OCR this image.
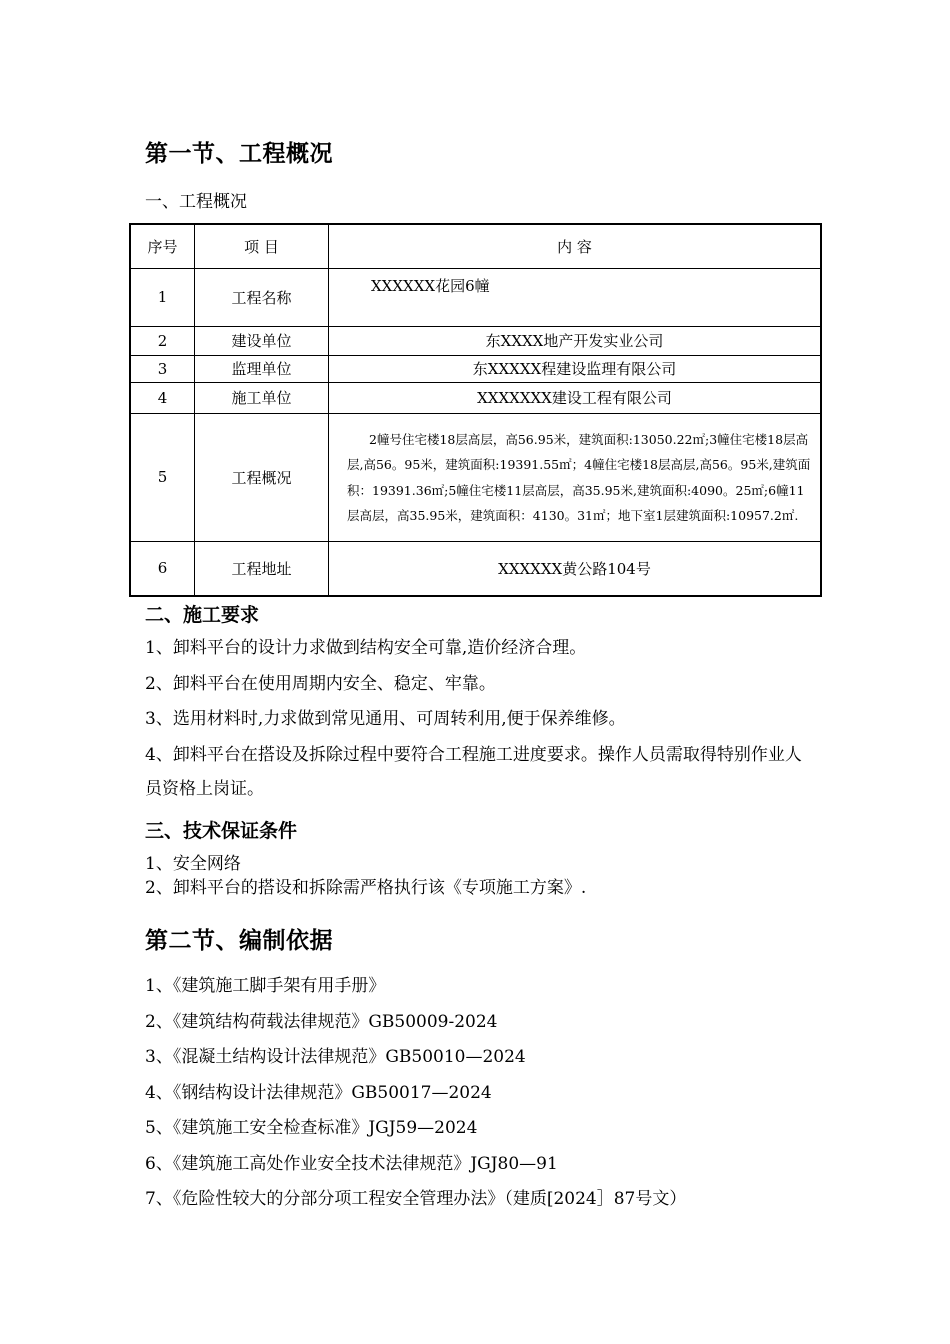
第一节、工程概况
一、工程概况
序号	项 目	内 容
1	工程名称	XXXXXX花园6幢
2	建设单位	东XXXX地产开发实业公司
3	监理单位	东XXXXX程建设监理有限公司
4	施工单位	XXXXXXX建设工程有限公司
5	工程概况	2幢号住宅楼18层高层，高56.95米，建筑面积:13050.22㎡;3幢住宅楼18层高层,高56。95米，建筑面积:19391.55㎡；4幢住宅楼18层高层,高56。95米,建筑面积：19391.36㎡;5幢住宅楼11层高层，高35.95米,建筑面积:4090。25㎡;6幢11层高层，高35.95米，建筑面积：4130。31㎡；地下室1层建筑面积:10957.2㎡.
6	工程地址	XXXXXX黄公路104号
二、施工要求
1、卸料平台的设计力求做到结构安全可靠,造价经济合理。
2、卸料平台在使用周期内安全、稳定、牢靠。
3、选用材料时,力求做到常见通用、可周转利用,便于保养维修。
4、卸料平台在搭设及拆除过程中要符合工程施工进度要求。操作人员需取得特别作业人员资格上岗证。
三、技术保证条件
1、安全网络
2、卸料平台的搭设和拆除需严格执行该《专项施工方案》.
第二节、编制依据
1、《建筑施工脚手架有用手册》
2、《建筑结构荷载法律规范》GB50009-2024
3、《混凝土结构设计法律规范》GB50010—2024
4、《钢结构设计法律规范》GB50017—2024
5、《建筑施工安全检查标准》JGJ59—2024
6、《建筑施工高处作业安全技术法律规范》JGJ80—91
7、《危险性较大的分部分项工程安全管理办法》（建质[2024］87号文）
